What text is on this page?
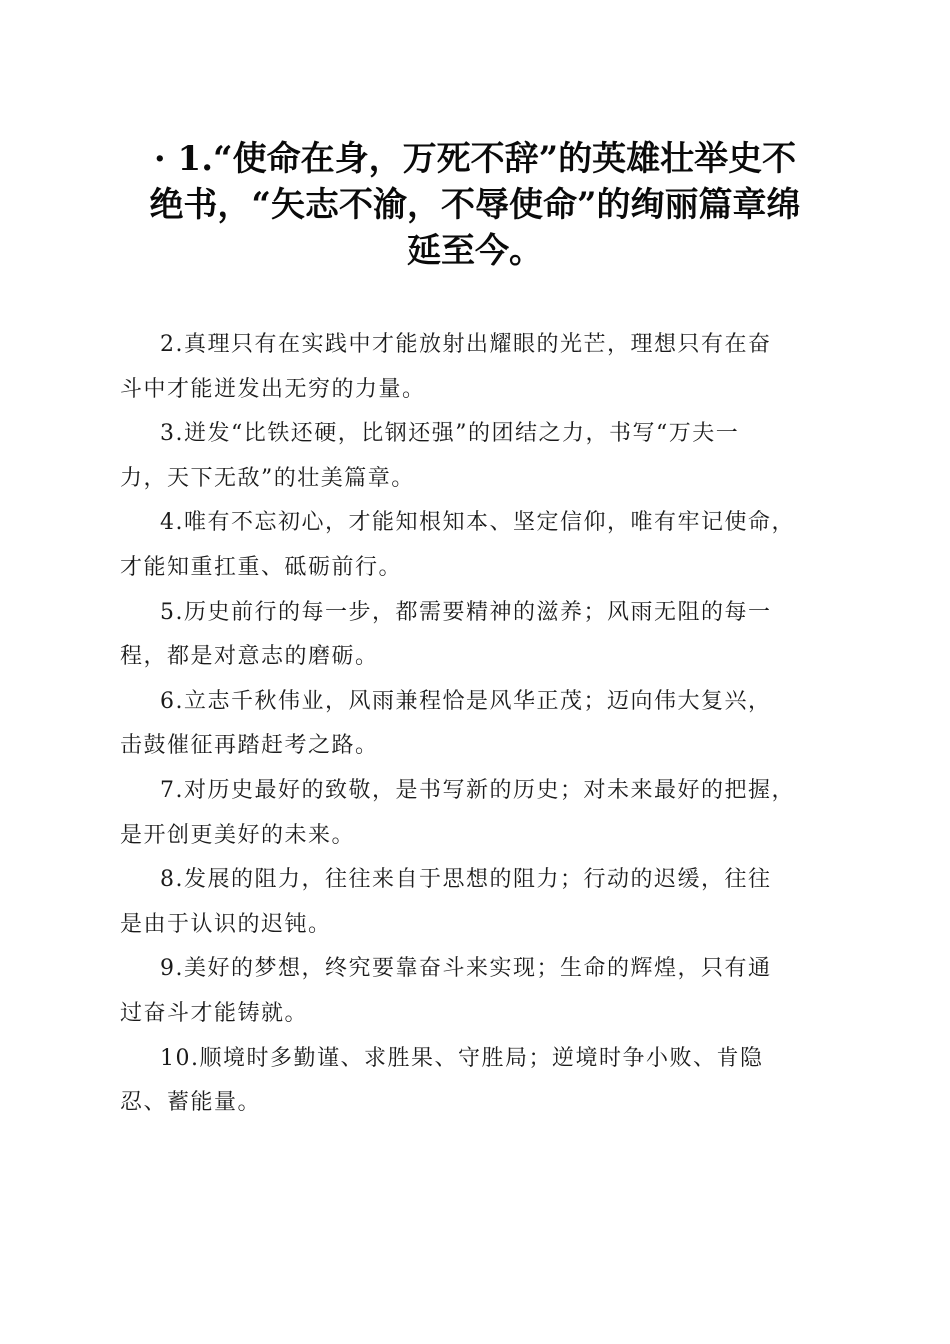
· 1.“使命在身，万死不辞”的英雄壮举史不
绝书，“矢志不渝，不辱使命”的绚丽篇章绵
延至今。

2.真理只有在实践中才能放射出耀眼的光芒，理想只有在奋
斗中才能迸发出无穷的力量。

3.迸发“比铁还硬，比钢还强”的团结之力，书写“万夫一
力，天下无敌”的壮美篇章。

4.唯有不忘初心，才能知根知本、坚定信仰，唯有牢记使命，
才能知重扛重、砥砺前行。

5.历史前行的每一步，都需要精神的滋养；风雨无阻的每一
程，都是对意志的磨砺。

6.立志千秋伟业，风雨兼程恰是风华正茂；迈向伟大复兴，
击鼓催征再踏赶考之路。

7.对历史最好的致敬，是书写新的历史；对未来最好的把握，
是开创更美好的未来。

8.发展的阻力，往往来自于思想的阻力；行动的迟缓，往往
是由于认识的迟钝。

9.美好的梦想，终究要靠奋斗来实现；生命的辉煌，只有通
过奋斗才能铸就。

10.顺境时多勤谨、求胜果、守胜局；逆境时争小败、肯隐
忍、蓄能量。
